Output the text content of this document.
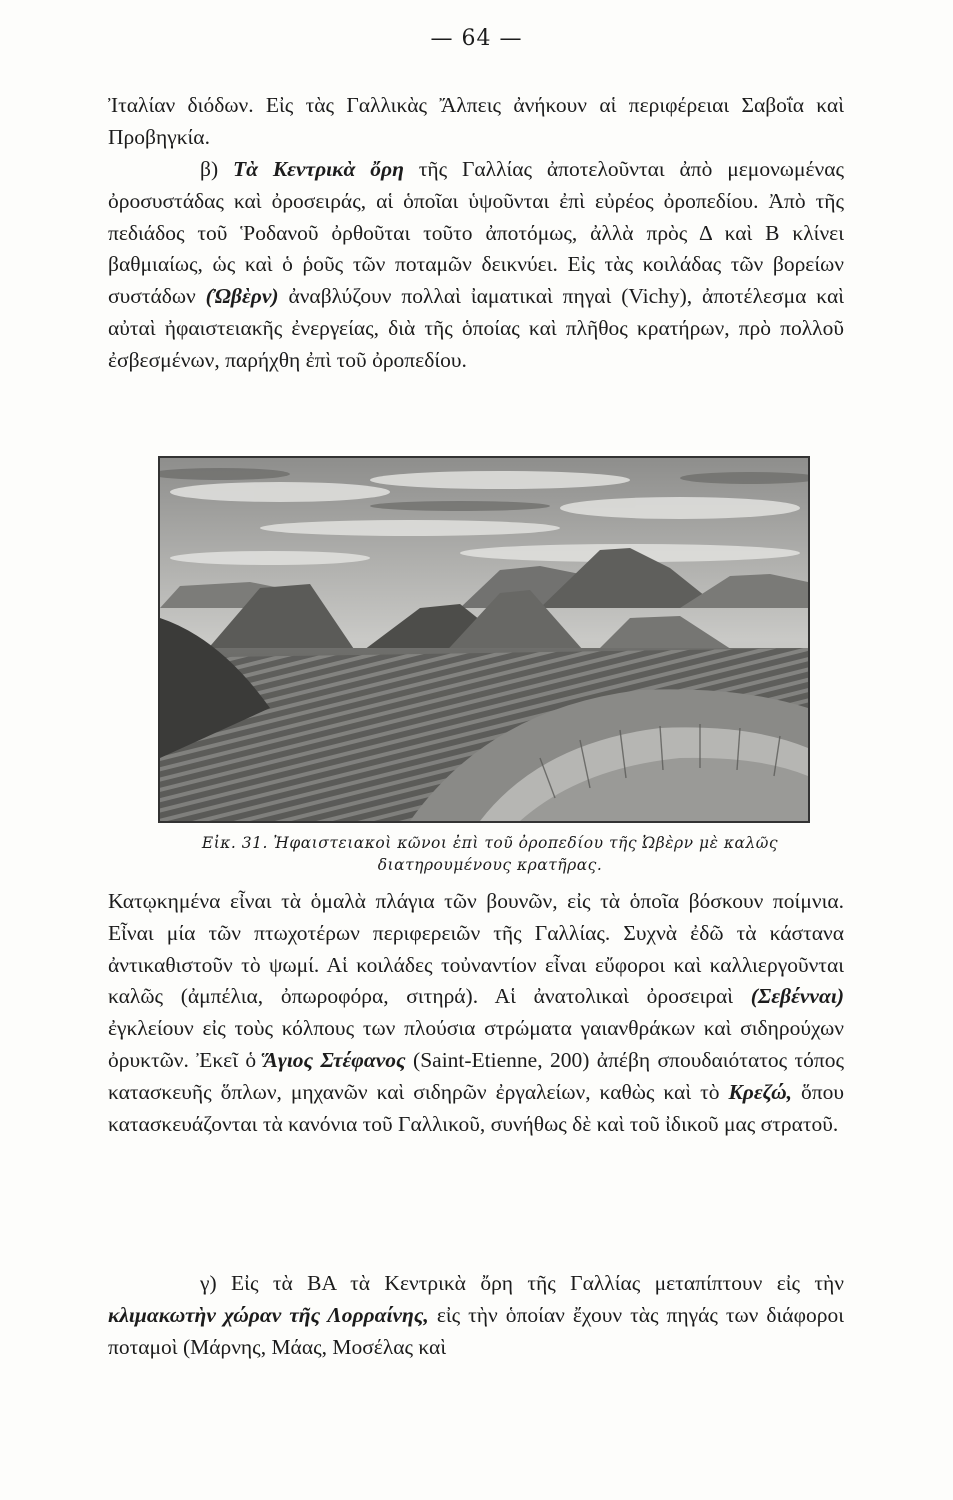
— 64 —

Ἰταλίαν διόδων. Εἰς τὰς Γαλλικὰς Ἄλπεις ἀνήκουν αἱ περιφέρειαι Σαβοΐα καὶ Προβηγκία.

β) Τὰ Κεντρικὰ ὄρη τῆς Γαλλίας ἀποτελοῦνται ἀπὸ μεμονωμένας ὀροσυστάδας καὶ ὀροσειράς, αἱ ὁποῖαι ὑψοῦνται ἐπὶ εὐρέος ὀροπεδίου. Ἀπὸ τῆς πεδιάδος τοῦ Ῥοδανοῦ ὀρθοῦται τοῦτο ἀποτόμως, ἀλλὰ πρὸς Δ καὶ Β κλίνει βαθμιαίως, ὡς καὶ ὁ ῥοῦς τῶν ποταμῶν δεικνύει. Εἰς τὰς κοιλάδας τῶν βορείων συστάδων (Ὠβὲρν) ἀναβλύζουν πολλαὶ ἰαματικαὶ πηγαὶ (Vichy), ἀποτέλεσμα καὶ αὐταὶ ἠφαιστειακῆς ἐνεργείας, διὰ τῆς ὁποίας καὶ πλῆθος κρατήρων, πρὸ πολλοῦ ἐσβεσμένων, παρήχθη ἐπὶ τοῦ ὀροπεδίου.

Εἰκ. 31. Ἠφαιστειακοὶ κῶνοι ἐπὶ τοῦ ὀροπεδίου τῆς Ὠβὲρν μὲ καλῶς διατηρουμένους κρατῆρας.

Κατῳκημένα εἶναι τὰ ὁμαλὰ πλάγια τῶν βουνῶν, εἰς τὰ ὁποῖα βόσκουν ποίμνια. Εἶναι μία τῶν πτωχοτέρων περιφερειῶν τῆς Γαλλίας. Συχνὰ ἐδῶ τὰ κάστανα ἀντικαθιστοῦν τὸ ψωμί. Αἱ κοιλάδες τοὐναντίον εἶναι εὔφοροι καὶ καλλιεργοῦνται καλῶς (ἀμπέλια, ὀπωροφόρα, σιτηρά). Αἱ ἀνατολικαὶ ὀροσειραὶ (Σεβένναι) ἐγκλείουν εἰς τοὺς κόλπους των πλούσια στρώματα γαιανθράκων καὶ σιδηρούχων ὀρυκτῶν. Ἐκεῖ ὁ Ἅγιος Στέφανος (Saint-Etienne, 200) ἀπέβη σπουδαιότατος τόπος κατασκευῆς ὅπλων, μηχανῶν καὶ σιδηρῶν ἐργαλείων, καθὼς καὶ τὸ Κρεζώ, ὅπου κατασκευάζονται τὰ κανόνια τοῦ Γαλλικοῦ, συνήθως δὲ καὶ τοῦ ἰδικοῦ μας στρατοῦ.

γ) Εἰς τὰ ΒΑ τὰ Κεντρικὰ ὄρη τῆς Γαλλίας μεταπίπτουν εἰς τὴν κλιμακωτὴν χώραν τῆς Λορραίνης, εἰς τὴν ὁποίαν ἔχουν τὰς πηγάς των διάφοροι ποταμοὶ (Μάρνης, Μάας, Μοσέλας καὶ
